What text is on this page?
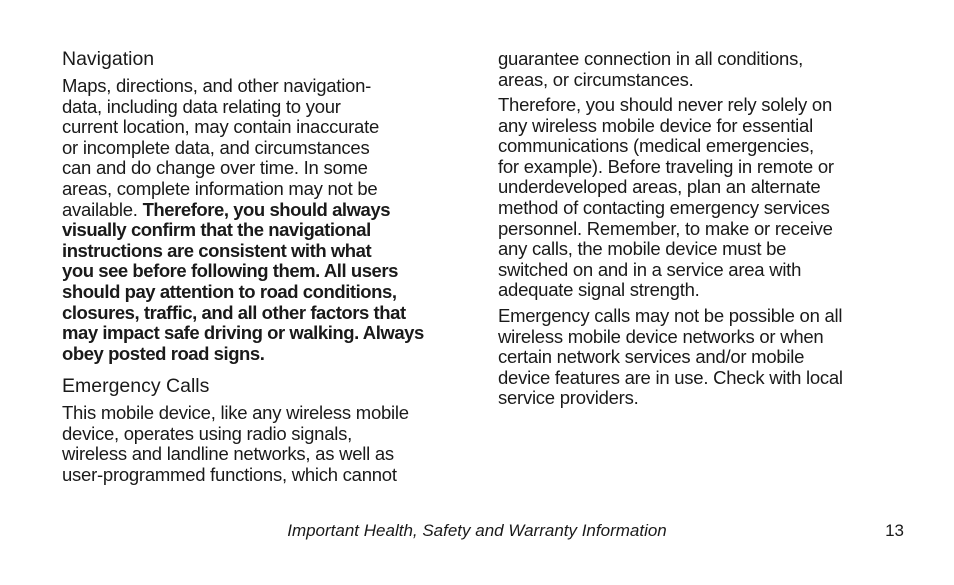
Navigation

Maps, directions, and other navigation-
data, including data relating to your
current location, may contain inaccurate
or incomplete data, and circumstances
can and do change over time. In some
areas, complete information may not be
available. Therefore, you should always
visually confirm that the navigational
instructions are consistent with what
you see before following them. All users
should pay attention to road conditions,
closures, traffic, and all other factors that
may impact safe driving or walking. Always
obey posted road signs.

Emergency Calls

This mobile device, like any wireless mobile
device, operates using radio signals,
wireless and landline networks, as well as
user-programmed functions, which cannot

guarantee connection in all conditions,
areas, or circumstances.

Therefore, you should never rely solely on
any wireless mobile device for essential
communications (medical emergencies,
for example). Before traveling in remote or
underdeveloped areas, plan an alternate
method of contacting emergency services
personnel. Remember, to make or receive
any calls, the mobile device must be
switched on and in a service area with
adequate signal strength.

Emergency calls may not be possible on all
wireless mobile device networks or when
certain network services and/or mobile
device features are in use. Check with local
service providers.

Important Health, Safety and Warranty Information	13
